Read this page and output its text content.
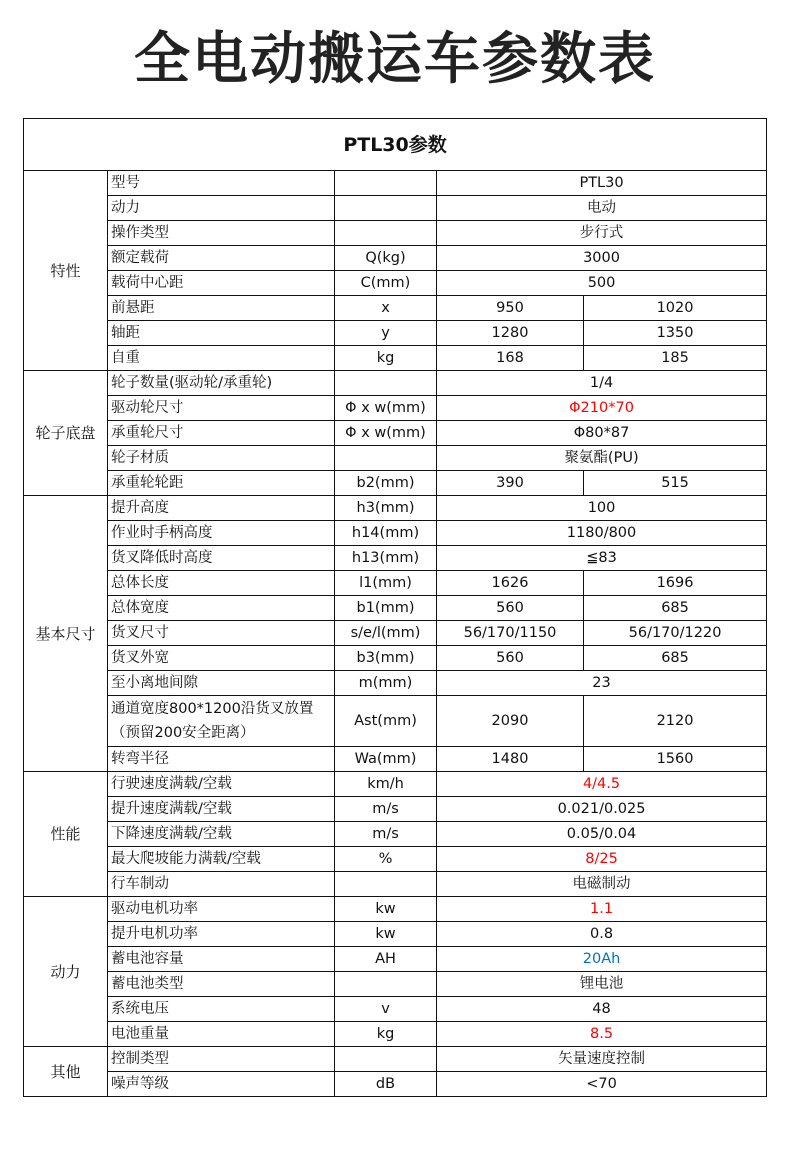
全电动搬运车参数表
PTL30参数				
特性	型号		PTL30	
	动力		电动	
	操作类型		步行式	
	额定载荷	Q(kg)	3000	
	载荷中心距	C(mm)	500	
	前悬距	x	950	1020
	轴距	y	1280	1350
	自重	kg	168	185
轮子底盘	轮子数量(驱动轮/承重轮)		1/4	
	驱动轮尺寸	Φ x w(mm)	Φ210*70	
	承重轮尺寸	Φ x w(mm)	Φ80*87	
	轮子材质		聚氨酯(PU)	
	承重轮轮距	b2(mm)	390	515
基本尺寸	提升高度	h3(mm)	100	
	作业时手柄高度	h14(mm)	1180/800	
	货叉降低时高度	h13(mm)	≦83	
	总体长度	l1(mm)	1626	1696
	总体宽度	b1(mm)	560	685
	货叉尺寸	s/e/l(mm)	56/170/1150	56/170/1220
	货叉外宽	b3(mm)	560	685
	至小离地间隙	m(mm)	23	

	通道宽度800*1200沿货叉放置
（预留200安全距离）	Ast(mm)	2090	2120
	转弯半径	Wa(mm)	1480	1560
性能	行驶速度满载/空载	km/h	4/4.5	
	提升速度满载/空载	m/s	0.021/0.025	
	下降速度满载/空载	m/s	0.05/0.04	
	最大爬坡能力满载/空载	%	8/25	
	行车制动		电磁制动	
动力	驱动电机功率	kw	1.1	
	提升电机功率	kw	0.8	
	蓄电池容量	AH	20Ah	
	蓄电池类型		锂电池	
	系统电压	v	48	
	电池重量	kg	8.5	
其他	控制类型		矢量速度控制	
	噪声等级	dB	<70	
